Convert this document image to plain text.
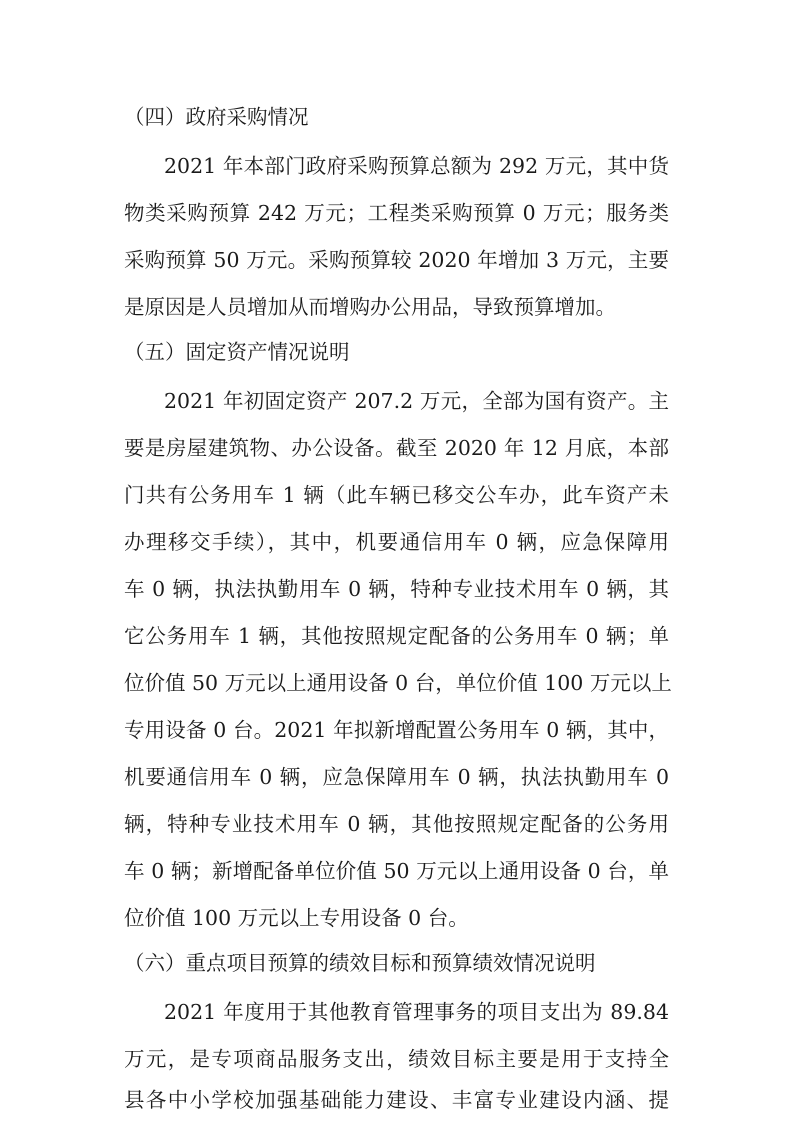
（四）政府采购情况
2021 年本部门政府采购预算总额为 292 万元，其中货
物类采购预算 242 万元；工程类采购预算 0 万元；服务类
采购预算 50 万元。采购预算较 2020 年增加 3 万元，主要
是原因是人员增加从而增购办公用品，导致预算增加。
（五）固定资产情况说明
2021 年初固定资产 207.2 万元，全部为国有资产。主
要是房屋建筑物、办公设备。截至 2020 年 12 月底，本部
门共有公务用车 1 辆（此车辆已移交公车办，此车资产未
办理移交手续），其中，机要通信用车 0 辆，应急保障用
车 0 辆，执法执勤用车 0 辆，特种专业技术用车 0 辆，其
它公务用车 1 辆，其他按照规定配备的公务用车 0 辆；单
位价值 50 万元以上通用设备 0 台，单位价值 100 万元以上
专用设备 0 台。2021 年拟新增配置公务用车 0 辆，其中，
机要通信用车 0 辆，应急保障用车 0 辆，执法执勤用车 0
辆，特种专业技术用车 0 辆，其他按照规定配备的公务用
车 0 辆；新增配备单位价值 50 万元以上通用设备 0 台，单
位价值 100 万元以上专用设备 0 台。
（六）重点项目预算的绩效目标和预算绩效情况说明
2021 年度用于其他教育管理事务的项目支出为 89.84
万元，是专项商品服务支出，绩效目标主要是用于支持全
县各中小学校加强基础能力建设、丰富专业建设内涵、提
